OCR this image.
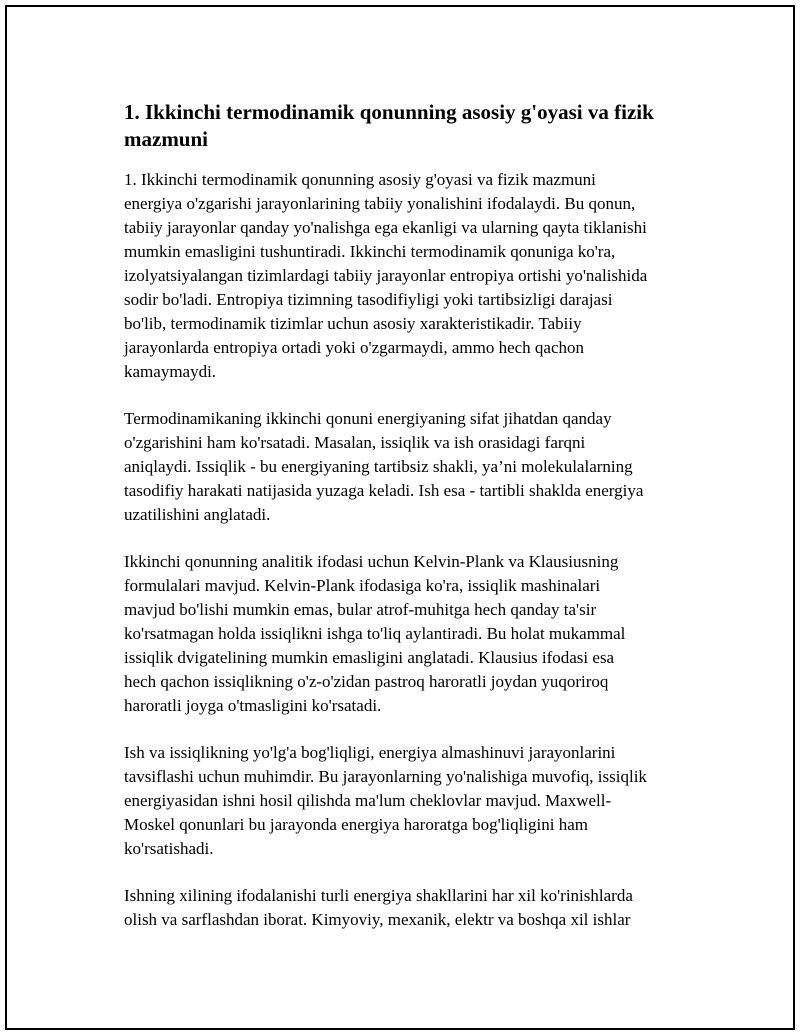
1. Ikkinchi termodinamik qonunning asosiy g'oyasi va fizik
mazmuni

1. Ikkinchi termodinamik qonunning asosiy g'oyasi va fizik mazmuni
energiya o'zgarishi jarayonlarining tabiiy yonalishini ifodalaydi. Bu qonun,
tabiiy jarayonlar qanday yo'nalishga ega ekanligi va ularning qayta tiklanishi
mumkin emasligini tushuntiradi. Ikkinchi termodinamik qonuniga ko'ra,
izolyatsiyalangan tizimlardagi tabiiy jarayonlar entropiya ortishi yo'nalishida
sodir bo'ladi. Entropiya tizimning tasodifiyligi yoki tartibsizligi darajasi
bo'lib, termodinamik tizimlar uchun asosiy xarakteristikadir. Tabiiy
jarayonlarda entropiya ortadi yoki o'zgarmaydi, ammo hech qachon
kamaymaydi.

Termodinamikaning ikkinchi qonuni energiyaning sifat jihatdan qanday
o'zgarishini ham ko'rsatadi. Masalan, issiqlik va ish orasidagi farqni
aniqlaydi. Issiqlik - bu energiyaning tartibsiz shakli, ya’ni molekulalarning
tasodifiy harakati natijasida yuzaga keladi. Ish esa - tartibli shaklda energiya
uzatilishini anglatadi.

Ikkinchi qonunning analitik ifodasi uchun Kelvin-Plank va Klausiusning
formulalari mavjud. Kelvin-Plank ifodasiga ko'ra, issiqlik mashinalari
mavjud bo'lishi mumkin emas, bular atrof-muhitga hech qanday ta'sir
ko'rsatmagan holda issiqlikni ishga to'liq aylantiradi. Bu holat mukammal
issiqlik dvigatelining mumkin emasligini anglatadi. Klausius ifodasi esa
hech qachon issiqlikning o'z-o'zidan pastroq haroratli joydan yuqoriroq
haroratli joyga o'tmasligini ko'rsatadi.

Ish va issiqlikning yo'lg'a bog'liqligi, energiya almashinuvi jarayonlarini
tavsiflashi uchun muhimdir. Bu jarayonlarning yo'nalishiga muvofiq, issiqlik
energiyasidan ishni hosil qilishda ma'lum cheklovlar mavjud. Maxwell-
Moskel qonunlari bu jarayonda energiya haroratga bog'liqligini ham
ko'rsatishadi.

Ishning xilining ifodalanishi turli energiya shakllarini har xil ko'rinishlarda
olish va sarflashdan iborat. Kimyoviy, mexanik, elektr va boshqa xil ishlar
